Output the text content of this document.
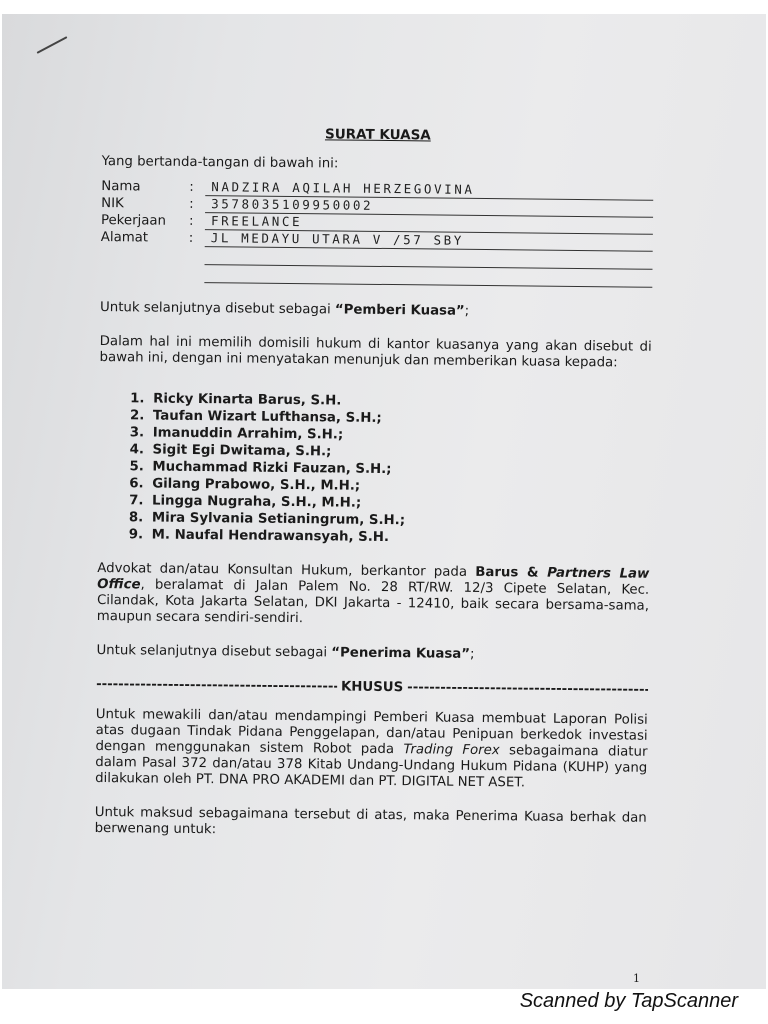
SURAT KUASA

Yang bertanda-tangan di bawah ini:

Nama	:	NADZIRA AQILAH HERZEGOVINA
NIK	:	3578035109950002
Pekerjaan	:	FREELANCE
Alamat	:	JL MEDAYU UTARA V /57 SBY

Untuk selanjutnya disebut sebagai “Pemberi Kuasa”;

Dalam hal ini memilih domisili hukum di kantor kuasanya yang akan disebut di bawah ini, dengan ini menyatakan menunjuk dan memberikan kuasa kepada:

1. Ricky Kinarta Barus, S.H.
2. Taufan Wizart Lufthansa, S.H.;
3. Imanuddin Arrahim, S.H.;
4. Sigit Egi Dwitama, S.H.;
5. Muchammad Rizki Fauzan, S.H.;
6. Gilang Prabowo, S.H., M.H.;
7. Lingga Nugraha, S.H., M.H.;
8. Mira Sylvania Setianingrum, S.H.;
9. M. Naufal Hendrawansyah, S.H.

Advokat dan/atau Konsultan Hukum, berkantor pada Barus & Partners Law Office, beralamat di Jalan Palem No. 28 RT/RW. 12/3 Cipete Selatan, Kec. Cilandak, Kota Jakarta Selatan, DKI Jakarta - 12410, baik secara bersama-sama, maupun secara sendiri-sendiri.

Untuk selanjutnya disebut sebagai “Penerima Kuasa”;

-----
KHUSUS
-----

Untuk mewakili dan/atau mendampingi Pemberi Kuasa membuat Laporan Polisi atas dugaan Tindak Pidana Penggelapan, dan/atau Penipuan berkedok investasi dengan menggunakan sistem Robot pada Trading Forex sebagaimana diatur dalam Pasal 372 dan/atau 378 Kitab Undang-Undang Hukum Pidana (KUHP) yang dilakukan oleh PT. DNA PRO AKADEMI dan PT. DIGITAL NET ASET.

Untuk maksud sebagaimana tersebut di atas, maka Penerima Kuasa berhak dan berwenang untuk:

1
Scanned by TapScanner
